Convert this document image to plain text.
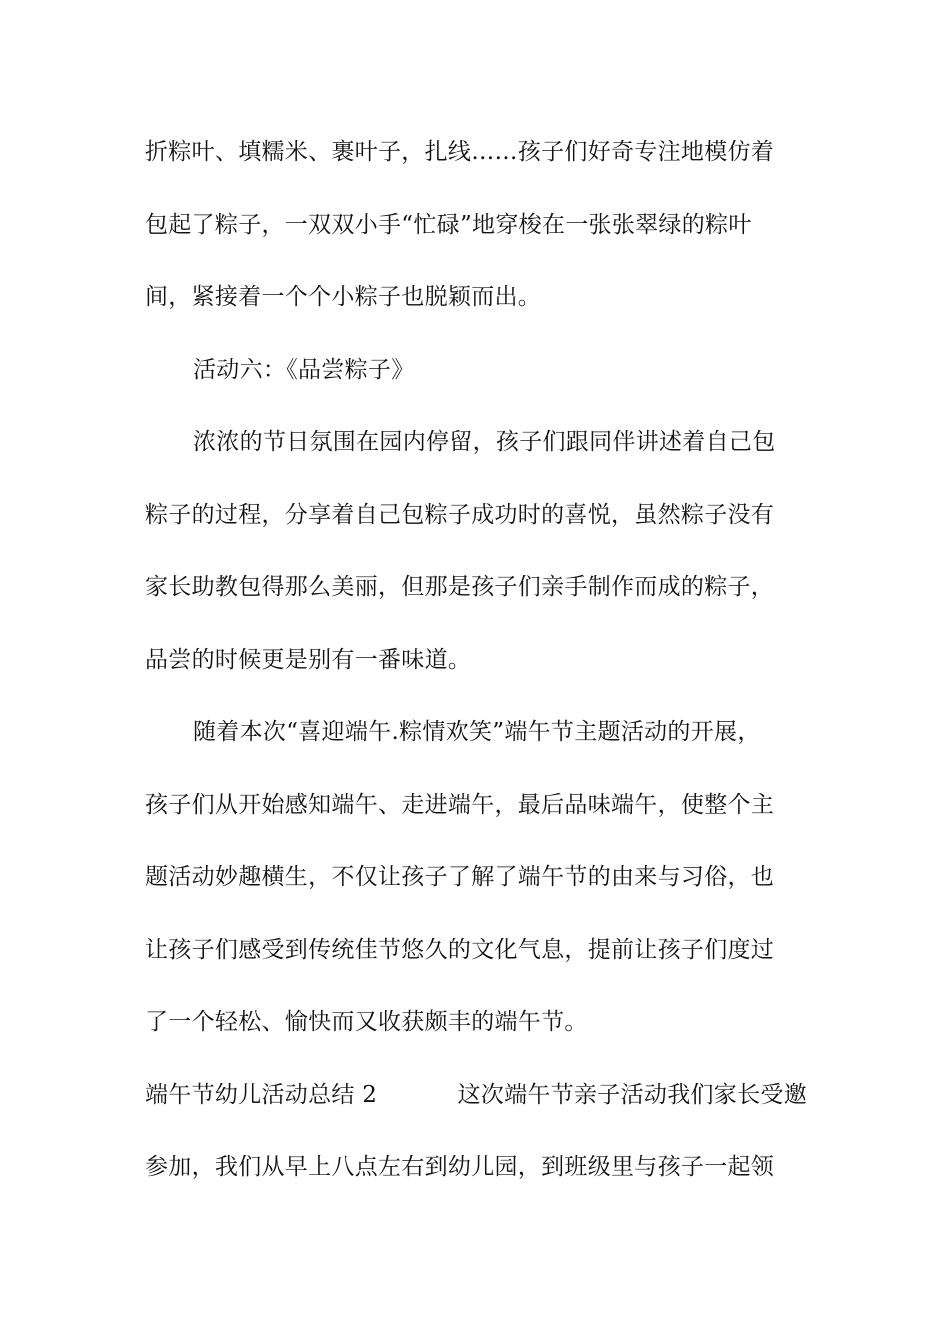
折粽叶、填糯米、裹叶子，扎线……孩子们好奇专注地模仿着
包起了粽子，一双双小手“忙碌”地穿梭在一张张翠绿的粽叶
间，紧接着一个个小粽子也脱颖而出。
活动六：《品尝粽子》
浓浓的节日氛围在园内停留，孩子们跟同伴讲述着自己包
粽子的过程，分享着自己包粽子成功时的喜悦，虽然粽子没有
家长助教包得那么美丽，但那是孩子们亲手制作而成的粽子，
品尝的时候更是别有一番味道。
随着本次“喜迎端午.粽情欢笑”端午节主题活动的开展，
孩子们从开始感知端午、走进端午，最后品味端午，使整个主
题活动妙趣横生，不仅让孩子了解了端午节的由来与习俗，也
让孩子们感受到传统佳节悠久的文化气息，提前让孩子们度过
了一个轻松、愉快而又收获颇丰的端午节。
端午节幼儿活动总结 2	这次端午节亲子活动我们家长受邀
参加，我们从早上八点左右到幼儿园，到班级里与孩子一起领
